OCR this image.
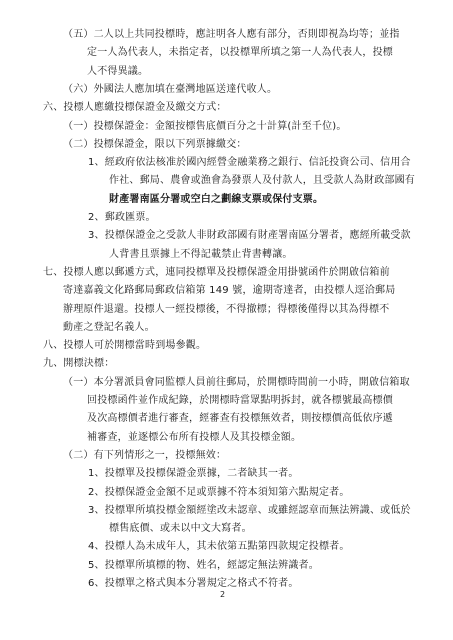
（五）二人以上共同投標時，應註明各人應有部分，否則即視為均等；並指
定一人為代表人，未指定者，以投標單所填之第一人為代表人，投標
人不得異議。
（六）外國法人應加填在臺灣地區送達代收人。
六、投標人應繳投標保證金及繳交方式：
（一）投標保證金：金額按標售底價百分之十計算(計至千位)。
（二）投標保證金，限以下列票據繳交：
1、經政府依法核准於國內經營金融業務之銀行、信託投資公司、信用合
作社、郵局、農會或漁會為發票人及付款人，且受款人為財政部國有
財產署南區分署或空白之劃線支票或保付支票。
2、郵政匯票。
3、投標保證金之受款人非財政部國有財產署南區分署者，應經所載受款
人背書且票據上不得記載禁止背書轉讓。
七、投標人應以郵遞方式，連同投標單及投標保證金用掛號函件於開啟信箱前
寄達嘉義文化路郵局郵政信箱第 149 號，逾期寄達者，由投標人逕洽郵局
辦理原件退還。投標人一經投標後，不得撤標；得標後僅得以其為得標不
動產之登記名義人。
八、投標人可於開標當時到場參觀。
九、開標決標：
（一）本分署派員會同監標人員前往郵局，於開標時間前一小時，開啟信箱取
回投標函件並作成紀錄，於開標時當眾點明拆封，就各標號最高標價
及次高標價者進行審查，經審查有投標無效者，則按標價高低依序遞
補審查，並逐標公布所有投標人及其投標金額。
（二）有下列情形之一，投標無效：
1、投標單及投標保證金票據，二者缺其一者。
2、投標保證金金額不足或票據不符本須知第六點規定者。
3、投標單所填投標金額經塗改未認章、或雖經認章而無法辨識、或低於
標售底價、或未以中文大寫者。
4、投標人為未成年人，其未依第五點第四款規定投標者。
5、投標單所填標的物、姓名，經認定無法辨識者。
6、投標單之格式與本分署規定之格式不符者。
2
